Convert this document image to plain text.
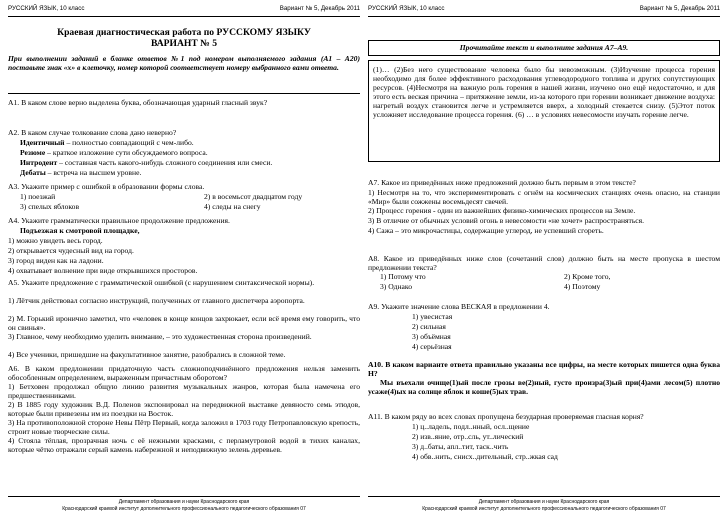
РУССКИЙ ЯЗЫК, 10 класс	Вариант № 5, Декабрь 2011
Краевая диагностическая работа по РУССКОМУ ЯЗЫКУ
ВАРИАНТ № 5
При выполнении заданий в бланке ответов №1 под номером выполняемого задания (А1 – А20) поставьте знак «х» в клеточку, номер которой соответствует номеру выбранного вами ответа.
А1. В каком слове верно выделена буква, обозначающая ударный гласный звук?
А2. В каком случае толкование слова дано неверно?
Идентичный – полностью совпадающий с чем-либо.
Резюме – краткое изложение сути обсуждаемого вопроса.
Интродент – составная часть какого-нибудь сложного соединения или смеси.
Дебаты – встреча на высшем уровне.
А3. Укажите пример с ошибкой в образовании формы слова.
1) поезжай	2) в восемьсот двадцатом году
3) спелых яблоков	4) следы на снегу
А4. Укажите грамматически правильное продолжение предложения.
Подъезжая к смотровой площадке,
1) можно увидеть весь город.
2) открывается чудесный вид на город.
3) город виден как на ладони.
4) охватывает волнение при виде открывшихся просторов.
А5. Укажите предложение с грамматической ошибкой (с нарушением синтаксической нормы).
1) Лётчик действовал согласно инструкций, полученных от главного диспетчера аэропорта.
2) М. Горький иронично заметил, что «человек в конце концов захрюкает, если всё время ему говорить, что он свинья».
3) Главное, чему необходимо уделить внимание, – это художественная сторона произведений.
4) Все ученики, пришедшие на факультативное занятие, разобрались в сложной теме.
А6. В каком предложении придаточную часть сложноподчинённого предложения нельзя заменить обособленным определением, выраженным причастным оборотом?
1) Бетховен продолжал общую линию развития музыкальных жанров, которая была намечена его предшественниками.
2) В 1885 году художник В.Д. Поленов экспонировал на передвижной выставке девяносто семь этюдов, которые были привезены им из поездки на Восток.
3) На противоположной стороне Невы Пётр Первый, когда заложил в 1703 году Петропавловскую крепость, строит новые творческие силы.
4) Стояла тёплая, прозрачная ночь с её нежными красками, с перламутровой водой в тихих каналах, которые чётко отражали серый камень набережной и неподвижную зелень деревьев.
Департамент образования и науки Краснодарского края
Краснодарский краевой институт дополнительного профессионального педагогического образования 07
РУССКИЙ ЯЗЫК, 10 класс	Вариант № 5, Декабрь 2011
Прочитайте текст и выполните задания А7–А9.
(1)… (2)Без него существование человека было бы невозможным. (3)Изучение процесса горения необходимо для более эффективного расходования углеводородного топлива и других сопутствующих ресурсов. (4)Несмотря на важную роль горения в нашей жизни, изучено оно ещё недостаточно, и для этого есть веская причина – притяжение земли, из-за которого при горении возникает движение воздуха: нагретый воздух становится легче и устремляется вверх, а холодный стекается снизу. (5)Этот поток усложняет исследование процесса горения. (6) … в условиях невесомости изучать горение легче.
А7. Какое из приведённых ниже предложений должно быть первым в этом тексте?
1) Несмотря на то, что экспериментировать с огнём на космических станциях очень опасно, на станции «Мир» были сожжены восемьдесят свечей.
2) Процесс горения - один из важнейших физико-химических процессов на Земле.
3) В отличие от обычных условий огонь в невесомости «не хочет» распространяться.
4) Сажа – это микрочастицы, содержащие углерод, не успевший сгореть.
А8. Какое из приведённых ниже слов (сочетаний слов) должно быть на месте пропуска в шестом предложении текста?
1) Потому что	2) Кроме того,
3) Однако	4) Поэтому
А9. Укажите значение слова ВЕСКАЯ в предложении 4.
1) увесистая
2) сильная
3) объёмная
4) серьёзная
А10. В каком варианте ответа правильно указаны все цифры, на месте которых пишется одна буква Н?
Мы въехали очище(1)ый после грозы ве(2)ный, густо произра(3)ый при(4)ами лесом(5) плотно усаже(4)ых на солнце яблок и коше(5)ых трав.
А11. В каком ряду во всех словах пропущена безударная проверяемая гласная корня?
1) ц..ладель, подл..нный, осл..щение
2) изв..яние, отр..сль, ут..лический
3) д..баты, апл..тит, таск..чить
4) обв..нить, снисх..дительный, стр..жкая сад
Департамент образования и науки Краснодарского края
Краснодарский краевой институт дополнительного профессионального педагогического образования 07
